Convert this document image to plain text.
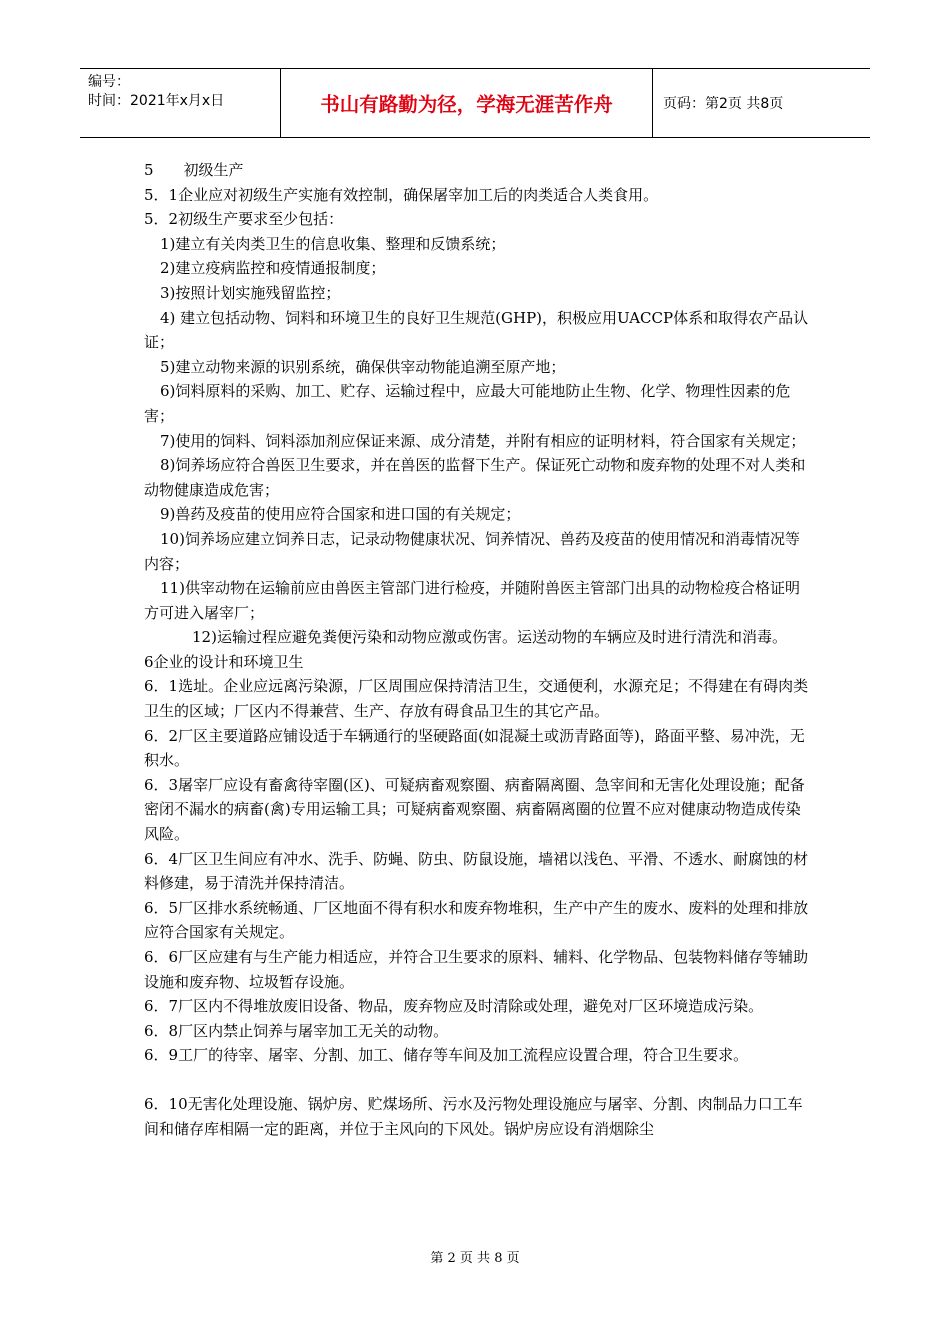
编号：
时间：2021年x月x日	书山有路勤为径，学海无涯苦作舟	页码：第2页 共8页

5　　初级生产

5．1企业应对初级生产实施有效控制，确保屠宰加工后的肉类适合人类食用。

5．2初级生产要求至少包括：

1)建立有关肉类卫生的信息收集、整理和反馈系统；

2)建立疫病监控和疫情通报制度；

3)按照计划实施残留监控；

4) 建立包括动物、饲料和环境卫生的良好卫生规范(GHP)，积极应用UACCP体系和取得农产品认证；

5)建立动物来源的识别系统，确保供宰动物能追溯至原产地；

6)饲料原料的采购、加工、贮存、运输过程中，应最大可能地防止生物、化学、物理性因素的危害；

7)使用的饲料、饲料添加剂应保证来源、成分清楚，并附有相应的证明材料，符合国家有关规定；

8)饲养场应符合兽医卫生要求，并在兽医的监督下生产。保证死亡动物和废弃物的处理不对人类和动物健康造成危害；

9)兽药及疫苗的使用应符合国家和进口国的有关规定；

10)饲养场应建立饲养日志，记录动物健康状况、饲养情况、兽药及疫苗的使用情况和消毒情况等内容；

11)供宰动物在运输前应由兽医主管部门进行检疫，并随附兽医主管部门出具的动物检疫合格证明方可进入屠宰厂；

12)运输过程应避免粪便污染和动物应激或伤害。运送动物的车辆应及时进行清洗和消毒。

6企业的设计和环境卫生

6．1选址。企业应远离污染源，厂区周围应保持清洁卫生，交通便利，水源充足；不得建在有碍肉类卫生的区域；厂区内不得兼营、生产、存放有碍食品卫生的其它产品。

6．2厂区主要道路应铺设适于车辆通行的坚硬路面(如混凝土或沥青路面等)，路面平整、易冲洗，无积水。

6．3屠宰厂应设有畜禽待宰圈(区)、可疑病畜观察圈、病畜隔离圈、急宰间和无害化处理设施；配备密闭不漏水的病畜(禽)专用运输工具；可疑病畜观察圈、病畜隔离圈的位置不应对健康动物造成传染风险。

6．4厂区卫生间应有冲水、洗手、防蝇、防虫、防鼠设施，墙裙以浅色、平滑、不透水、耐腐蚀的材料修建，易于清洗并保持清洁。

6．5厂区排水系统畅通、厂区地面不得有积水和废弃物堆积，生产中产生的废水、废料的处理和排放应符合国家有关规定。

6．6厂区应建有与生产能力相适应，并符合卫生要求的原料、辅料、化学物品、包装物料储存等辅助设施和废弃物、垃圾暂存设施。

6．7厂区内不得堆放废旧设备、物品，废弃物应及时清除或处理，避免对厂区环境造成污染。

6．8厂区内禁止饲养与屠宰加工无关的动物。

6．9工厂的待宰、屠宰、分割、加工、储存等车间及加工流程应设置合理，符合卫生要求。

6．10无害化处理设施、锅炉房、贮煤场所、污水及污物处理设施应与屠宰、分割、肉制品力口工车间和储存库相隔一定的距离，并位于主风向的下风处。锅炉房应设有消烟除尘

第 2 页 共 8 页
